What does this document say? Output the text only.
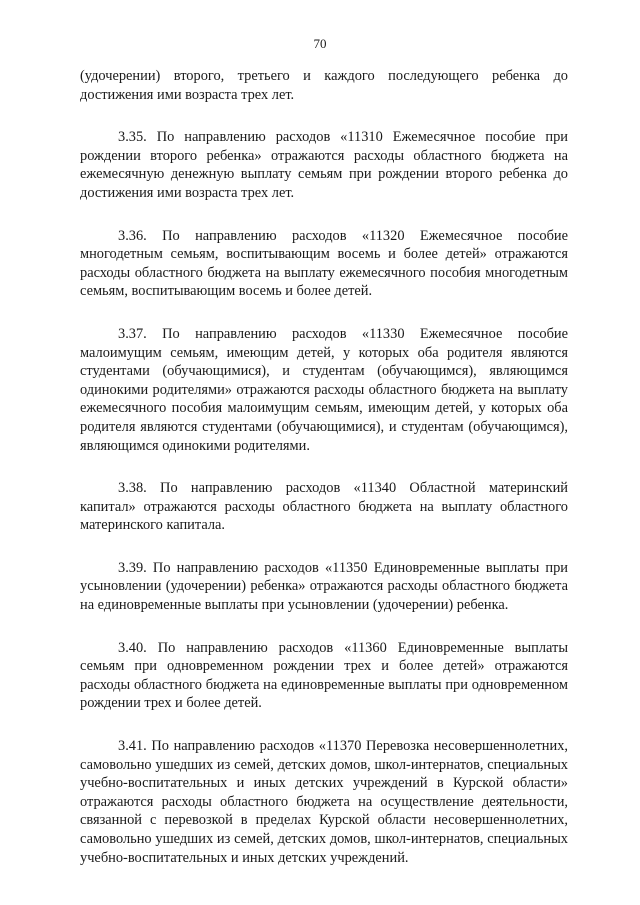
70

(удочерении) второго, третьего и каждого последующего ребенка до достижения ими возраста трех лет.

3.35. По направлению расходов «11310 Ежемесячное пособие при рождении второго ребенка» отражаются расходы областного бюджета на ежемесячную денежную выплату семьям при рождении второго ребенка до достижения ими возраста трех лет.

3.36. По направлению расходов «11320 Ежемесячное пособие многодетным семьям, воспитывающим восемь и более детей» отражаются расходы областного бюджета на выплату ежемесячного пособия многодетным семьям, воспитывающим восемь и более детей.

3.37. По направлению расходов «11330 Ежемесячное пособие малоимущим семьям, имеющим детей, у которых оба родителя являются студентами (обучающимися), и студентам (обучающимся), являющимся одинокими родителями» отражаются расходы областного бюджета на выплату ежемесячного пособия малоимущим семьям, имеющим детей, у которых оба родителя являются студентами (обучающимися), и студентам (обучающимся), являющимся одинокими родителями.

3.38. По направлению расходов «11340 Областной материнский капитал» отражаются расходы областного бюджета на выплату областного материнского капитала.

3.39. По направлению расходов «11350 Единовременные выплаты при усыновлении (удочерении) ребенка» отражаются расходы областного бюджета на единовременные выплаты при усыновлении (удочерении) ребенка.

3.40. По направлению расходов «11360 Единовременные выплаты семьям при одновременном рождении трех и более детей» отражаются расходы областного бюджета на единовременные выплаты при одновременном рождении трех и более детей.

3.41. По направлению расходов «11370 Перевозка несовершеннолетних, самовольно ушедших из семей, детских домов, школ-интернатов, специальных учебно-воспитательных и иных детских учреждений в Курской области» отражаются расходы областного бюджета на осуществление деятельности, связанной с перевозкой в пределах Курской области несовершеннолетних, самовольно ушедших из семей, детских домов, школ-интернатов, специальных учебно-воспитательных и иных детских учреждений.
